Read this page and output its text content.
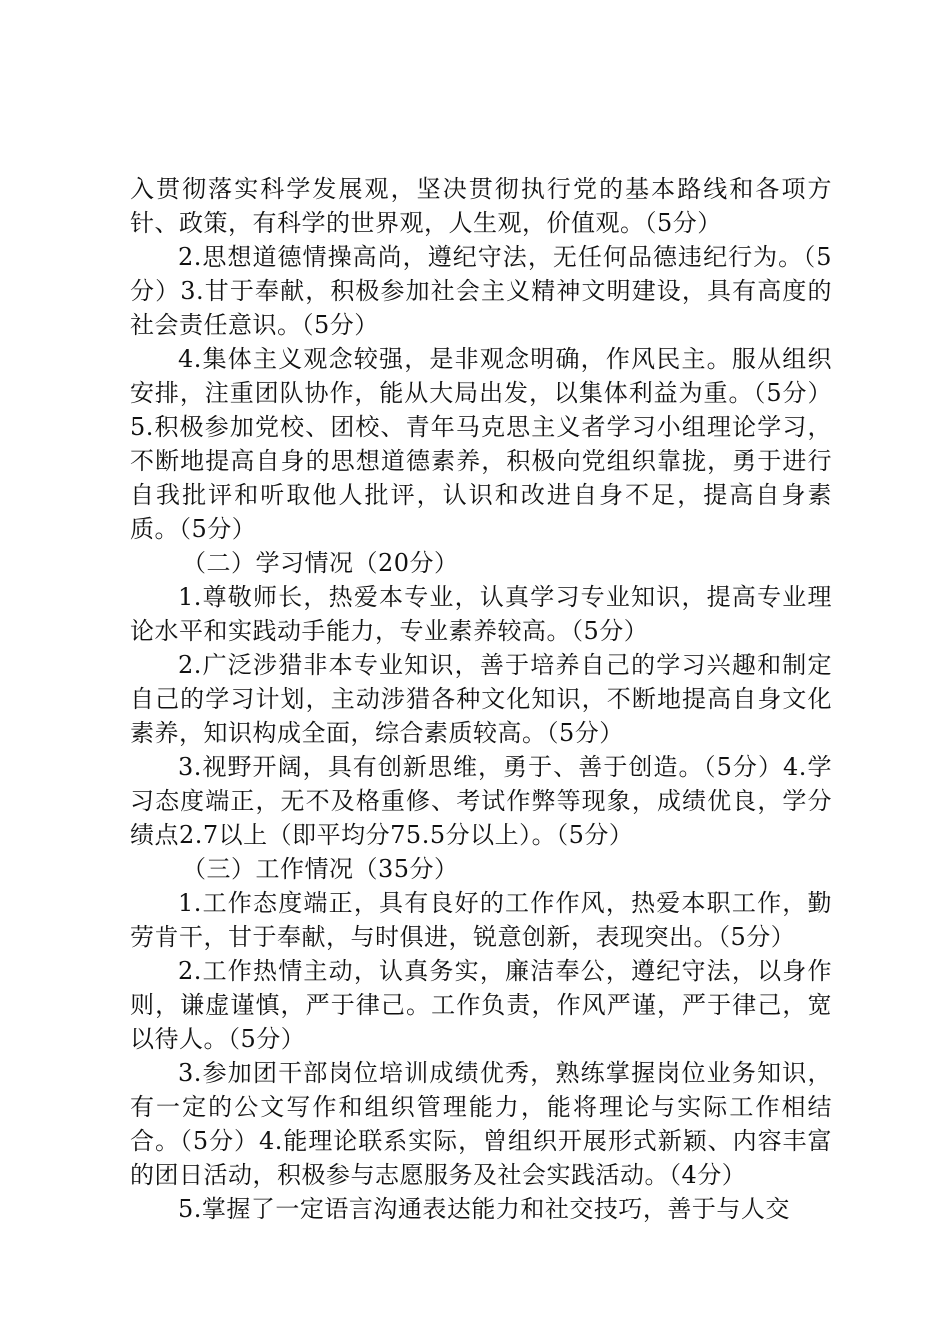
入贯彻落实科学发展观，坚决贯彻执行党的基本路线和各项方针、政策，有科学的世界观，人生观，价值观。（5分）

2.思想道德情操高尚，遵纪守法，无任何品德违纪行为。（5分）3.甘于奉献，积极参加社会主义精神文明建设，具有高度的社会责任意识。（5分）

4.集体主义观念较强，是非观念明确，作风民主。服从组织安排，注重团队协作，能从大局出发，以集体利益为重。（5分）5.积极参加党校、团校、青年马克思主义者学习小组理论学习，不断地提高自身的思想道德素养，积极向党组织靠拢，勇于进行自我批评和听取他人批评，认识和改进自身不足，提高自身素质。（5分）

（二）学习情况（20分）

1.尊敬师长，热爱本专业，认真学习专业知识，提高专业理论水平和实践动手能力，专业素养较高。（5分）

2.广泛涉猎非本专业知识，善于培养自己的学习兴趣和制定自己的学习计划，主动涉猎各种文化知识，不断地提高自身文化素养，知识构成全面，综合素质较高。（5分）

3.视野开阔，具有创新思维，勇于、善于创造。（5分）4.学习态度端正，无不及格重修、考试作弊等现象，成绩优良，学分绩点2.7以上（即平均分75.5分以上）。（5分）

（三）工作情况（35分）

1.工作态度端正，具有良好的工作作风，热爱本职工作，勤劳肯干，甘于奉献，与时俱进，锐意创新，表现突出。（5分）

2.工作热情主动，认真务实，廉洁奉公，遵纪守法，以身作则，谦虚谨慎，严于律己。工作负责，作风严谨，严于律己，宽以待人。（5分）

3.参加团干部岗位培训成绩优秀，熟练掌握岗位业务知识，有一定的公文写作和组织管理能力，能将理论与实际工作相结合。（5分）4.能理论联系实际，曾组织开展形式新颖、内容丰富的团日活动，积极参与志愿服务及社会实践活动。（4分）

5.掌握了一定语言沟通表达能力和社交技巧，善于与人交
